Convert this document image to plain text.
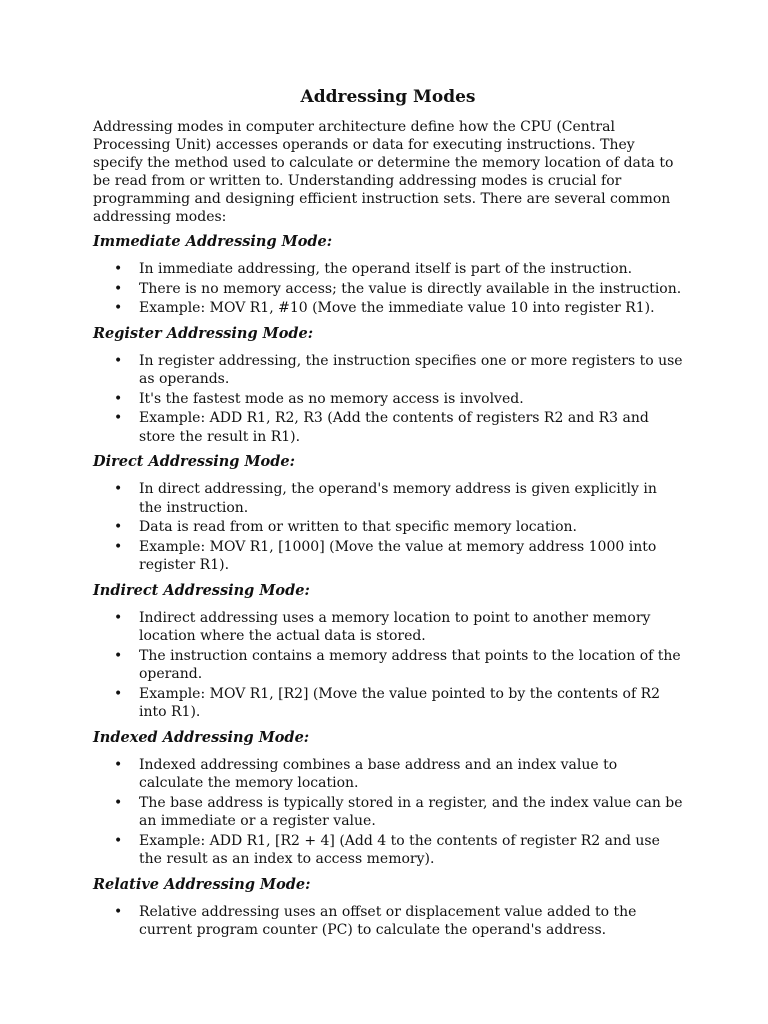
Addressing Modes

Addressing modes in computer architecture define how the CPU (Central Processing Unit) accesses operands or data for executing instructions. They specify the method used to calculate or determine the memory location of data to be read from or written to. Understanding addressing modes is crucial for programming and designing efficient instruction sets. There are several common addressing modes:

Immediate Addressing Mode:
• In immediate addressing, the operand itself is part of the instruction.
• There is no memory access; the value is directly available in the instruction.
• Example: MOV R1, #10 (Move the immediate value 10 into register R1).
Register Addressing Mode:
• In register addressing, the instruction specifies one or more registers to use as operands.
• It's the fastest mode as no memory access is involved.
• Example: ADD R1, R2, R3 (Add the contents of registers R2 and R3 and store the result in R1).
Direct Addressing Mode:
• In direct addressing, the operand's memory address is given explicitly in the instruction.
• Data is read from or written to that specific memory location.
• Example: MOV R1, [1000] (Move the value at memory address 1000 into register R1).
Indirect Addressing Mode:
• Indirect addressing uses a memory location to point to another memory location where the actual data is stored.
• The instruction contains a memory address that points to the location of the operand.
• Example: MOV R1, [R2] (Move the value pointed to by the contents of R2 into R1).
Indexed Addressing Mode:
• Indexed addressing combines a base address and an index value to calculate the memory location.
• The base address is typically stored in a register, and the index value can be an immediate or a register value.
• Example: ADD R1, [R2 + 4] (Add 4 to the contents of register R2 and use the result as an index to access memory).
Relative Addressing Mode:
• Relative addressing uses an offset or displacement value added to the current program counter (PC) to calculate the operand's address.
